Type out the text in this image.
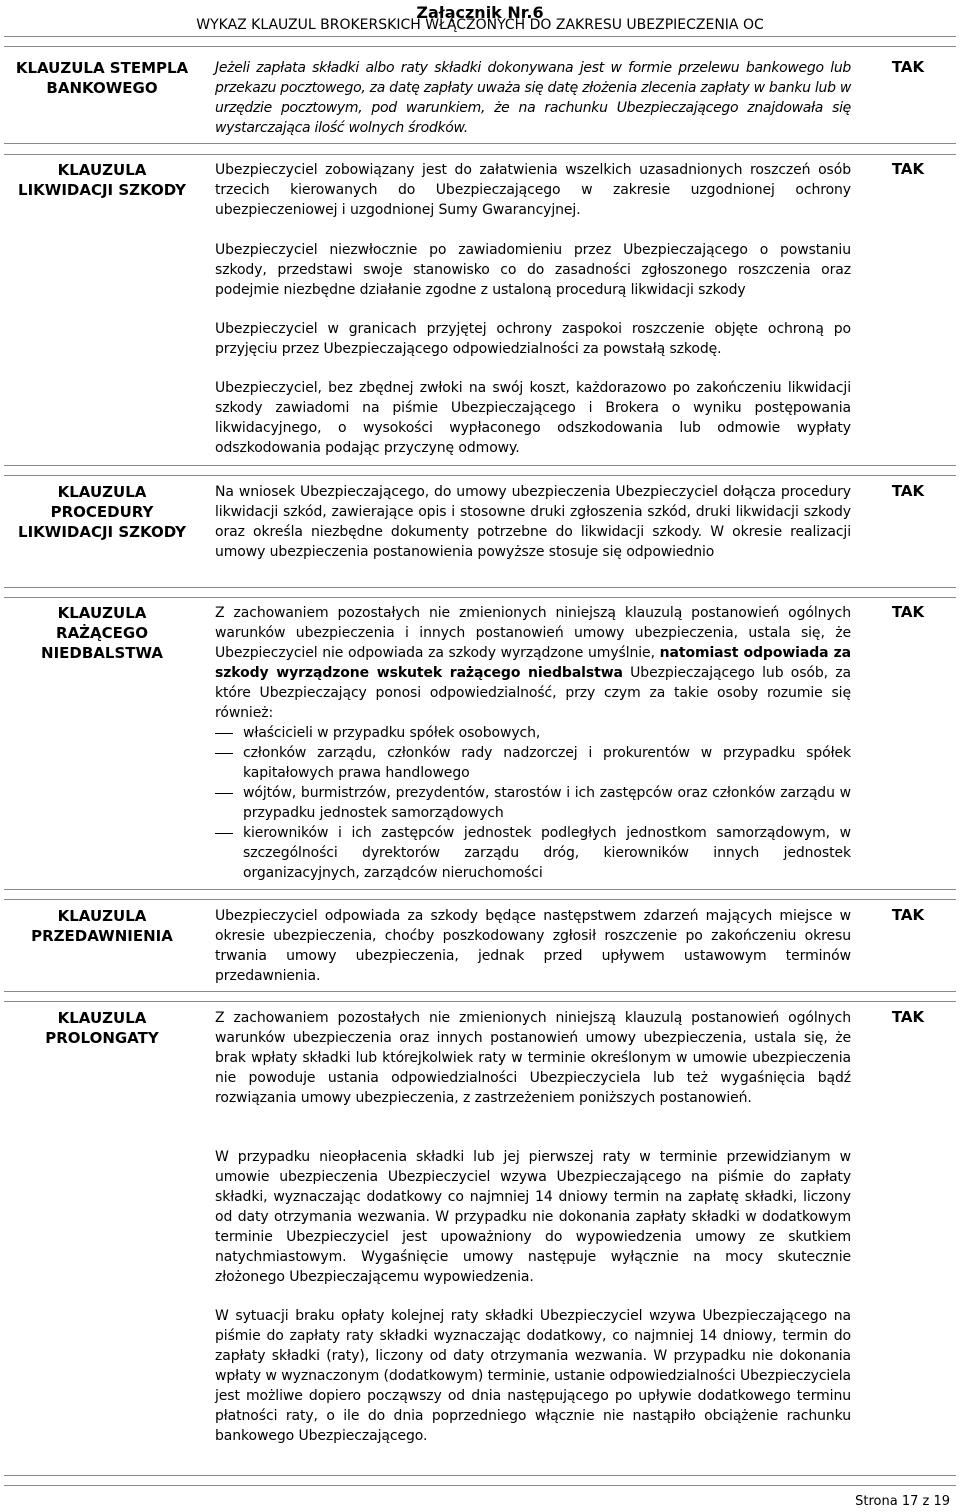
Załącznik Nr.6
WYKAZ KLAUZUL BROKERSKICH WŁĄCZONYCH DO ZAKRESU UBEZPIECZENIA OC
KLAUZULA STEMPLA
BANKOWEGO
TAK

Jeżeli zapłata składki albo raty składki dokonywana jest w formie przelewu bankowego lub przekazu pocztowego, za datę zapłaty uważa się datę złożenia zlecenia zapłaty w banku lub w urzędzie pocztowym, pod warunkiem, że na rachunku Ubezpieczającego znajdowała się wystarczająca ilość wolnych środków.

KLAUZULA
LIKWIDACJI SZKODY
TAK

Ubezpieczyciel zobowiązany jest do załatwienia wszelkich uzasadnionych roszczeń osób trzecich kierowanych do Ubezpieczającego w zakresie uzgodnionej ochrony ubezpieczeniowej i uzgodnionej Sumy Gwarancyjnej.

Ubezpieczyciel niezwłocznie po zawiadomieniu przez Ubezpieczającego o powstaniu szkody, przedstawi swoje stanowisko co do zasadności zgłoszonego roszczenia oraz podejmie niezbędne działanie zgodne z ustaloną procedurą likwidacji szkody

Ubezpieczyciel w granicach przyjętej ochrony zaspokoi roszczenie objęte ochroną po przyjęciu przez Ubezpieczającego odpowiedzialności za powstałą szkodę.

Ubezpieczyciel, bez zbędnej zwłoki na swój koszt, każdorazowo po zakończeniu likwidacji szkody zawiadomi na piśmie Ubezpieczającego i Brokera o wyniku postępowania likwidacyjnego, o wysokości wypłaconego odszkodowania lub odmowie wypłaty odszkodowania podając przyczynę odmowy.

KLAUZULA
PROCEDURY
LIKWIDACJI SZKODY
TAK

Na wniosek Ubezpieczającego, do umowy ubezpieczenia Ubezpieczyciel dołącza procedury likwidacji szkód, zawierające opis i stosowne druki zgłoszenia szkód, druki likwidacji szkody oraz określa niezbędne dokumenty potrzebne do likwidacji szkody. W okresie realizacji umowy ubezpieczenia postanowienia powyższe stosuje się odpowiednio

KLAUZULA
RAŻĄCEGO
NIEDBALSTWA
TAK
Z zachowaniem pozostałych nie zmienionych niniejszą klauzulą postanowień ogólnych warunków ubezpieczenia i innych postanowień umowy ubezpieczenia, ustala się, że Ubezpieczyciel nie odpowiada za szkody wyrządzone umyślnie, natomiast odpowiada za szkody wyrządzone wskutek rażącego niedbalstwa Ubezpieczającego lub osób, za które Ubezpieczający ponosi odpowiedzialność, przy czym za takie osoby rozumie się również:
właścicieli w przypadku spółek osobowych,
członków zarządu, członków rady nadzorczej i prokurentów w przypadku spółek kapitałowych prawa handlowego
wójtów, burmistrzów, prezydentów, starostów i ich zastępców oraz członków zarządu w przypadku jednostek samorządowych
kierowników i ich zastępców jednostek podległych jednostkom samorządowym, w szczególności dyrektorów zarządu dróg, kierowników innych jednostek organizacyjnych, zarządców nieruchomości
KLAUZULA
PRZEDAWNIENIA
TAK

Ubezpieczyciel odpowiada za szkody będące następstwem zdarzeń mających miejsce w okresie ubezpieczenia, choćby poszkodowany zgłosił roszczenie po zakończeniu okresu trwania umowy ubezpieczenia, jednak przed upływem ustawowym terminów przedawnienia.

KLAUZULA
PROLONGATY
TAK

Z zachowaniem pozostałych nie zmienionych niniejszą klauzulą postanowień ogólnych warunków ubezpieczenia oraz innych postanowień umowy ubezpieczenia, ustala się, że brak wpłaty składki lub którejkolwiek raty w terminie określonym w umowie ubezpieczenia nie powoduje ustania odpowiedzialności Ubezpieczyciela lub też wygaśnięcia bądź rozwiązania umowy ubezpieczenia, z zastrzeżeniem poniższych postanowień.

W przypadku nieopłacenia składki lub jej pierwszej raty w terminie przewidzianym w umowie ubezpieczenia Ubezpieczyciel wzywa Ubezpieczającego na piśmie do zapłaty składki, wyznaczając dodatkowy co najmniej 14 dniowy termin na zapłatę składki, liczony od daty otrzymania wezwania. W przypadku nie dokonania zapłaty składki w dodatkowym terminie Ubezpieczyciel jest upoważniony do wypowiedzenia umowy ze skutkiem natychmiastowym. Wygaśnięcie umowy następuje wyłącznie na mocy skutecznie złożonego Ubezpieczającemu wypowiedzenia.

W sytuacji braku opłaty kolejnej raty składki Ubezpieczyciel wzywa Ubezpieczającego na piśmie do zapłaty raty składki wyznaczając dodatkowy, co najmniej 14 dniowy, termin do zapłaty składki (raty), liczony od daty otrzymania wezwania. W przypadku nie dokonania wpłaty w wyznaczonym (dodatkowym) terminie, ustanie odpowiedzialności Ubezpieczyciela jest możliwe dopiero począwszy od dnia następującego po upływie dodatkowego terminu płatności raty, o ile do dnia poprzedniego włącznie nie nastąpiło obciążenie rachunku bankowego Ubezpieczającego.

Strona 17 z 19
